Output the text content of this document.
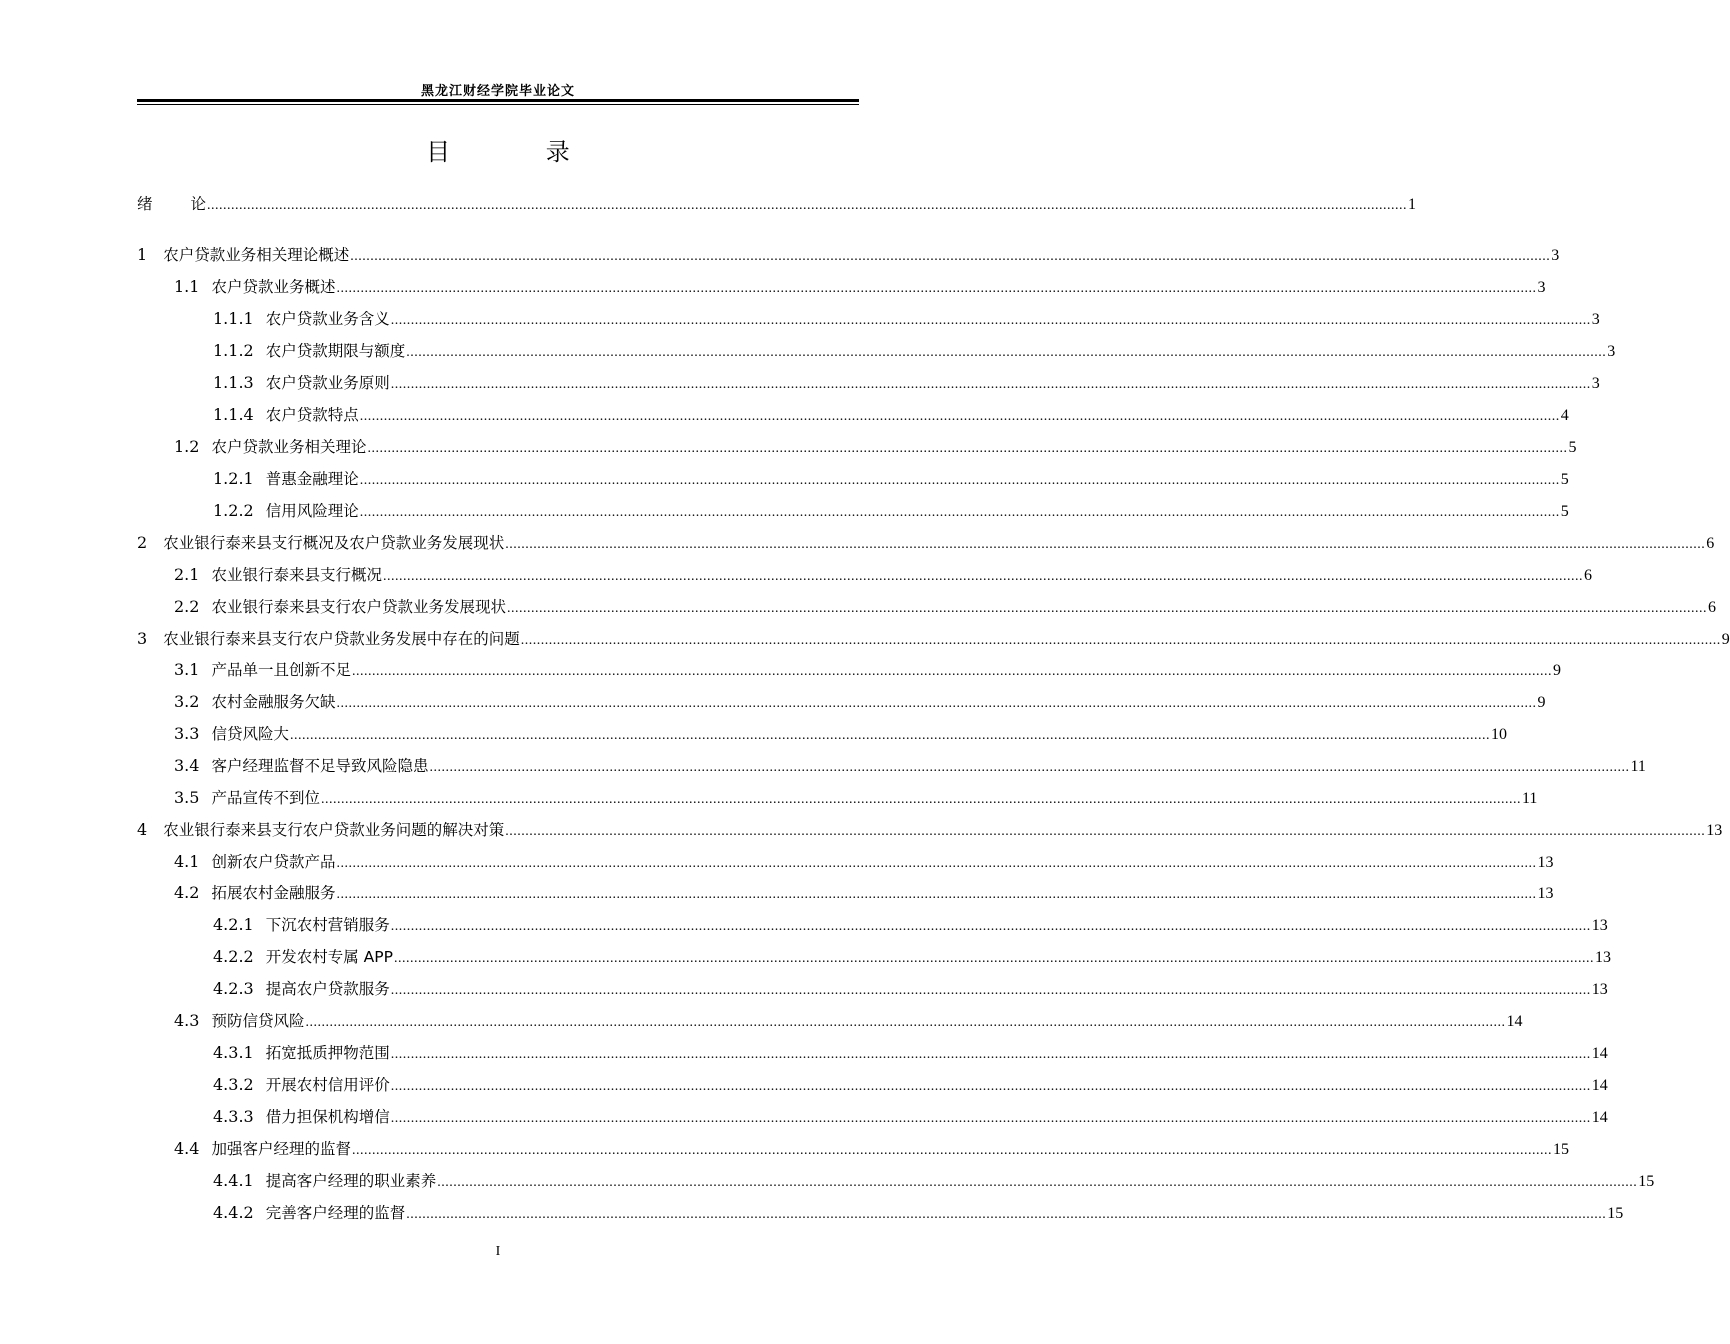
黑龙江财经学院毕业论文
目 录
绪论
............................................................................................................................................................................................................................................................................................................ 1
1 农户贷款业务相关理论概述 ............................................................................................................................................................................................................................................................................................................ 3
1.1 农户贷款业务概述 ............................................................................................................................................................................................................................................................................................................ 3
1.1.1 农户贷款业务含义 ............................................................................................................................................................................................................................................................................................................ 3
1.1.2 农户贷款期限与额度 ............................................................................................................................................................................................................................................................................................................ 3
1.1.3 农户贷款业务原则 ............................................................................................................................................................................................................................................................................................................ 3
1.1.4 农户贷款特点 ............................................................................................................................................................................................................................................................................................................ 4
1.2 农户贷款业务相关理论 ............................................................................................................................................................................................................................................................................................................ 5
1.2.1 普惠金融理论 ............................................................................................................................................................................................................................................................................................................ 5
1.2.2 信用风险理论 ............................................................................................................................................................................................................................................................................................................ 5
2 农业银行泰来县支行概况及农户贷款业务发展现状 ............................................................................................................................................................................................................................................................................................................ 6
2.1 农业银行泰来县支行概况 ............................................................................................................................................................................................................................................................................................................ 6
2.2 农业银行泰来县支行农户贷款业务发展现状 ............................................................................................................................................................................................................................................................................................................ 6
3 农业银行泰来县支行农户贷款业务发展中存在的问题 ............................................................................................................................................................................................................................................................................................................ 9
3.1 产品单一且创新不足 ............................................................................................................................................................................................................................................................................................................ 9
3.2 农村金融服务欠缺 ............................................................................................................................................................................................................................................................................................................ 9
3.3 信贷风险大 ............................................................................................................................................................................................................................................................................................................ 10
3.4 客户经理监督不足导致风险隐患 ............................................................................................................................................................................................................................................................................................................ 11
3.5 产品宣传不到位 ............................................................................................................................................................................................................................................................................................................ 11
4 农业银行泰来县支行农户贷款业务问题的解决对策 ............................................................................................................................................................................................................................................................................................................ 13
4.1 创新农户贷款产品 ............................................................................................................................................................................................................................................................................................................ 13
4.2 拓展农村金融服务 ............................................................................................................................................................................................................................................................................................................ 13
4.2.1 下沉农村营销服务 ............................................................................................................................................................................................................................................................................................................ 13
4.2.2 开发农村专属 APP ............................................................................................................................................................................................................................................................................................................ 13
4.2.3 提高农户贷款服务 ............................................................................................................................................................................................................................................................................................................ 13
4.3 预防信贷风险 ............................................................................................................................................................................................................................................................................................................ 14
4.3.1 拓宽抵质押物范围 ............................................................................................................................................................................................................................................................................................................ 14
4.3.2 开展农村信用评价 ............................................................................................................................................................................................................................................................................................................ 14
4.3.3 借力担保机构增信 ............................................................................................................................................................................................................................................................................................................ 14
4.4 加强客户经理的监督 ............................................................................................................................................................................................................................................................................................................ 15
4.4.1 提高客户经理的职业素养 ............................................................................................................................................................................................................................................................................................................ 15
4.4.2 完善客户经理的监督 ............................................................................................................................................................................................................................................................................................................ 15
I
